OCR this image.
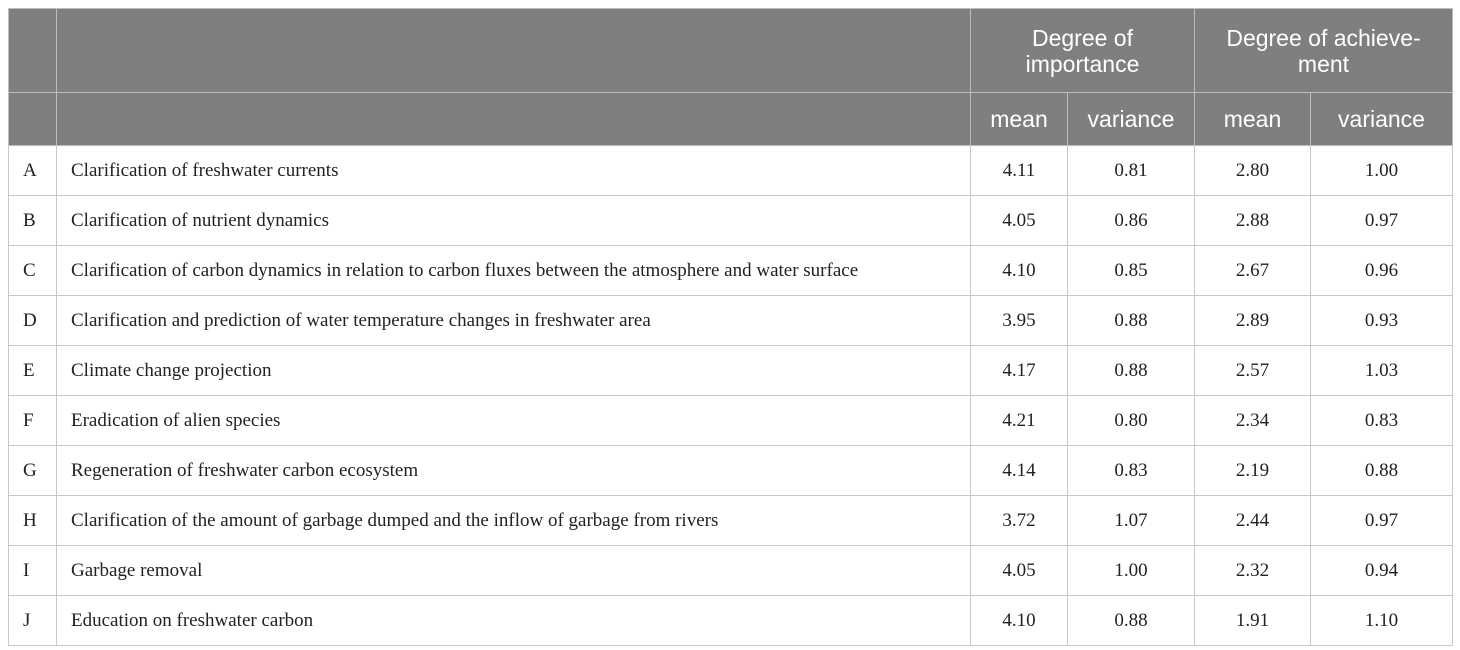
		Degree of importance		Degree of achieve-ment	
		mean	variance	mean	variance
A	Clarification of freshwater currents	4.11	0.81	2.80	1.00
B	Clarification of nutrient dynamics	4.05	0.86	2.88	0.97
C	Clarification of carbon dynamics in relation to carbon fluxes between the atmosphere and water surface	4.10	0.85	2.67	0.96
D	Clarification and prediction of water temperature changes in freshwater area	3.95	0.88	2.89	0.93
E	Climate change projection	4.17	0.88	2.57	1.03
F	Eradication of alien species	4.21	0.80	2.34	0.83
G	Regeneration of freshwater carbon ecosystem	4.14	0.83	2.19	0.88
H	Clarification of the amount of garbage dumped and the inflow of garbage from rivers	3.72	1.07	2.44	0.97
I	Garbage removal	4.05	1.00	2.32	0.94
J	Education on freshwater carbon	4.10	0.88	1.91	1.10
